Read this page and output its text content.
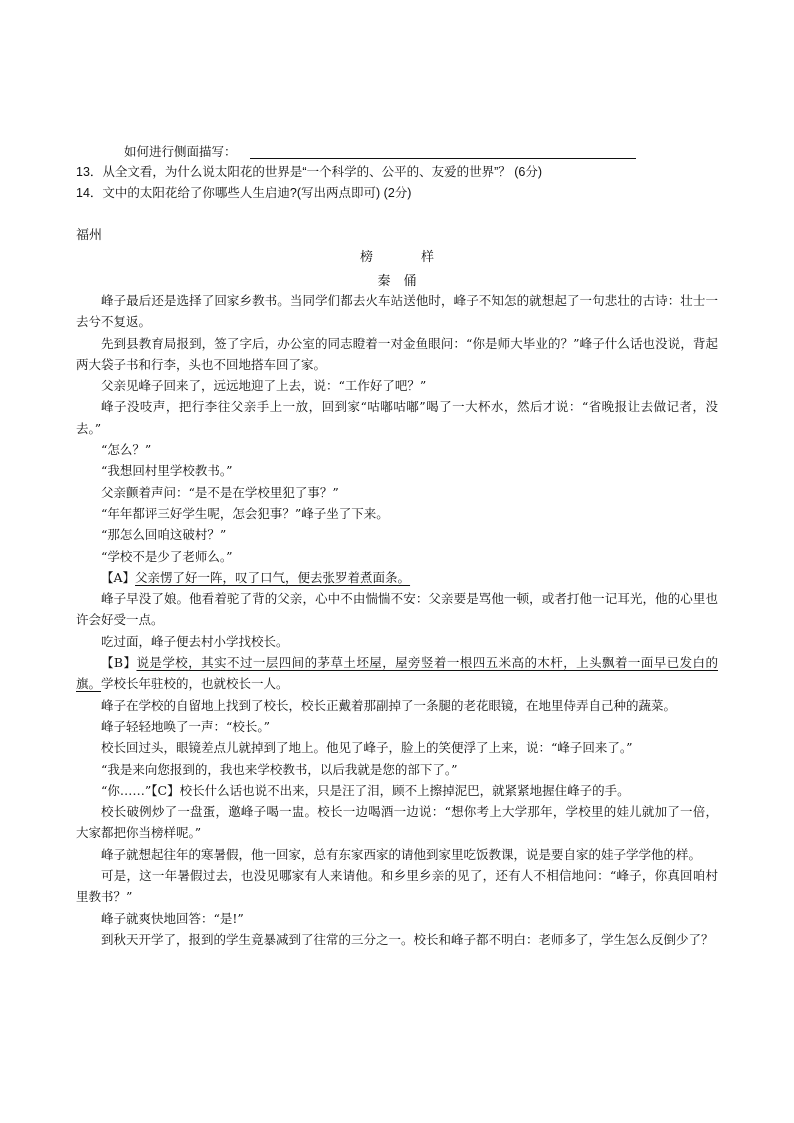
如何进行侧面描写：
13．从全文看，为什么说太阳花的世界是“一个科学的、公平的、友爱的世界”？ (6分)
14．文中的太阳花给了你哪些人生启迪?(写出两点即可) (2分)
福州
榜	样
秦　俑

峰子最后还是选择了回家乡教书。当同学们都去火车站送他时，峰子不知怎的就想起了一句悲壮的古诗：壮士一去兮不复返。

先到县教育局报到，签了字后，办公室的同志瞪着一对金鱼眼问：“你是师大毕业的？”峰子什么话也没说，背起两大袋子书和行李，头也不回地搭车回了家。

父亲见峰子回来了，远远地迎了上去，说：“工作好了吧？”

峰子没吱声，把行李往父亲手上一放，回到家“咕嘟咕嘟”喝了一大杯水，然后才说：“省晚报让去做记者，没去。”

“怎么？”

“我想回村里学校教书。”

父亲颤着声问：“是不是在学校里犯了事？”

“年年都评三好学生呢，怎会犯事？”峰子坐了下来。

“那怎么回咱这破村？”

“学校不是少了老师么。”

【A】父亲愣了好一阵，叹了口气，便去张罗着煮面条。

峰子早没了娘。他看着驼了背的父亲，心中不由惴惴不安：父亲要是骂他一顿，或者打他一记耳光，他的心里也许会好受一点。

吃过面，峰子便去村小学找校长。

【B】说是学校，其实不过一层四间的茅草土坯屋，屋旁竖着一根四五米高的木杆，上头飘着一面早已发白的旗。学校长年驻校的，也就校长一人。

峰子在学校的自留地上找到了校长，校长正戴着那副掉了一条腿的老花眼镜，在地里侍弄自己种的蔬菜。

峰子轻轻地唤了一声：“校长。”

校长回过头，眼镜差点儿就掉到了地上。他见了峰子，脸上的笑便浮了上来，说：“峰子回来了。”

“我是来向您报到的，我也来学校教书，以后我就是您的部下了。”

“你……”【C】校长什么话也说不出来，只是汪了泪，顾不上擦掉泥巴，就紧紧地握住峰子的手。

校长破例炒了一盘蛋，邀峰子喝一盅。校长一边喝酒一边说：“想你考上大学那年，学校里的娃儿就加了一倍，大家都把你当榜样呢。”

峰子就想起往年的寒暑假，他一回家，总有东家西家的请他到家里吃饭教课，说是要自家的娃子学学他的样。

可是，这一年暑假过去，也没见哪家有人来请他。和乡里乡亲的见了，还有人不相信地问：“峰子，你真回咱村里教书？”

峰子就爽快地回答：“是!”

到秋天开学了，报到的学生竟暴减到了往常的三分之一。校长和峰子都不明白：老师多了，学生怎么反倒少了？
